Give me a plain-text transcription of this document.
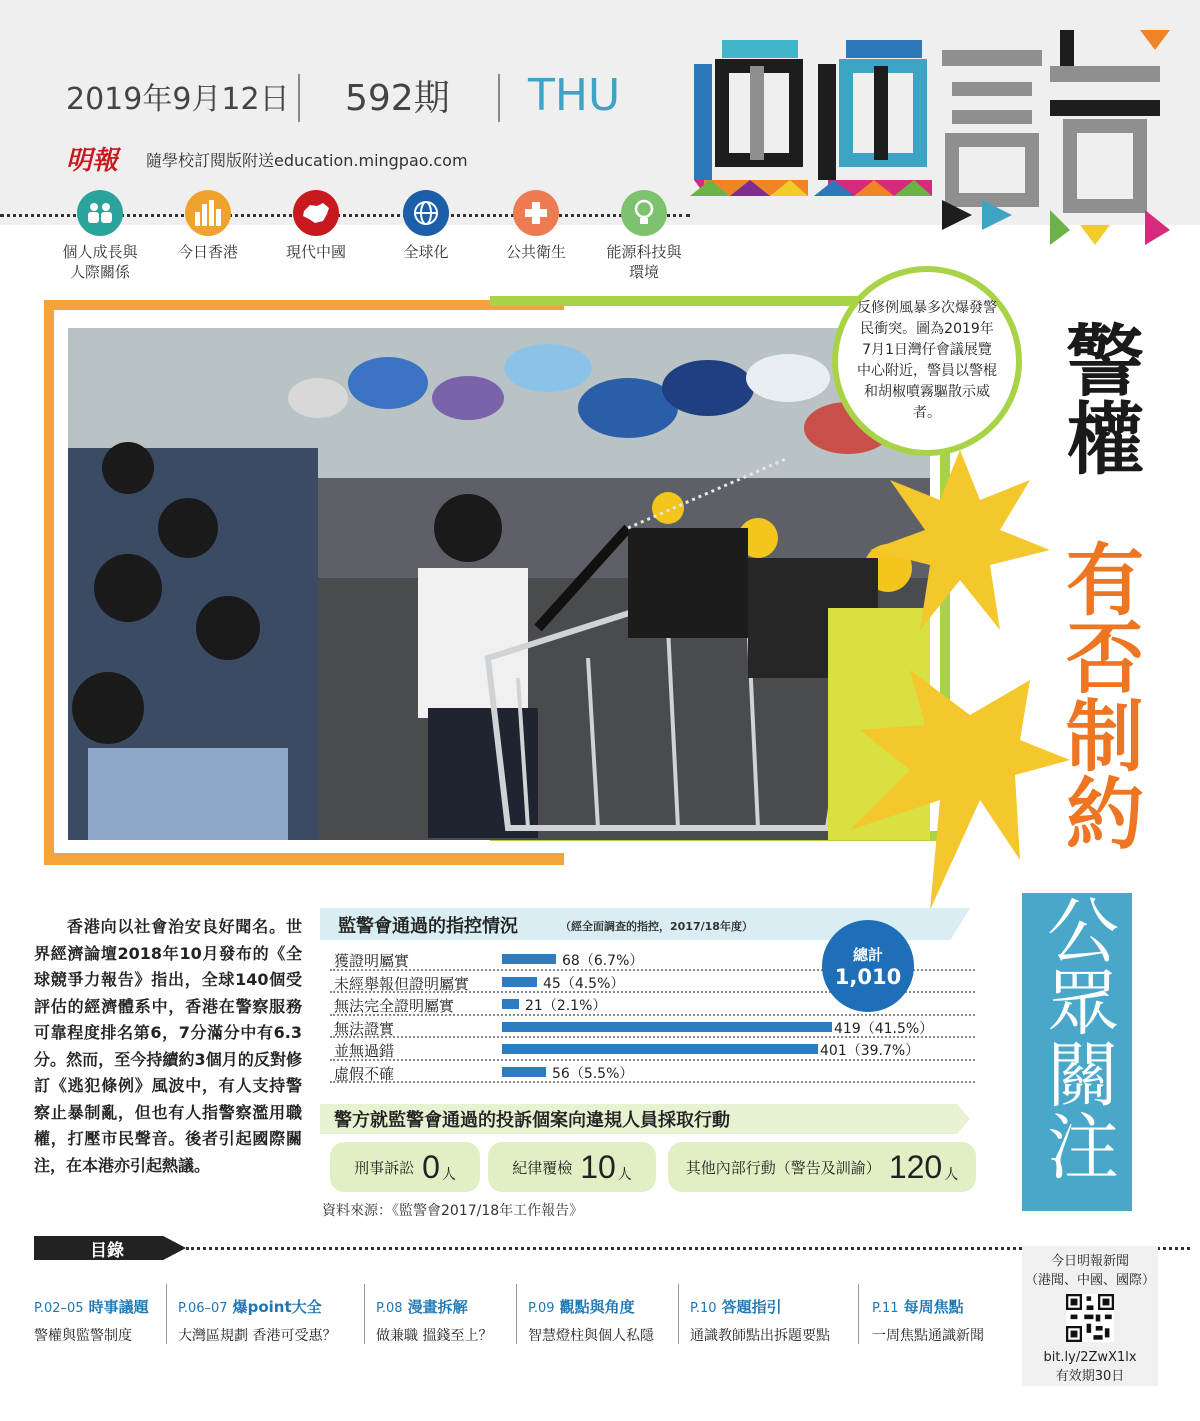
2019年9月12日 592期 THU
明報 隨學校訂閱版附送education.mingpao.com
個人成長與
人際關係
今日香港	現代中國	全球化	公共衛生	能源科技與
環境
反修例風暴多次爆發警民衝突。圖為2019年7月1日灣仔會議展覽中心附近，警員以警棍和胡椒噴霧驅散示威者。	警權
有否制約
公眾關注
香港向以社會治安良好聞名。世界經濟論壇2018年10月發布的《全球競爭力報告》指出，全球140個受評估的經濟體系中，香港在警察服務可靠程度排名第6，7分滿分中有6.3分。然而，至今持續約3個月的反對修訂《逃犯條例》風波中，有人支持警察止暴制亂，但也有人指警察濫用職權，打壓市民聲音。後者引起國際關注，在本港亦引起熱議。
監警會通過的指控情況	（經全面調查的指控，2017/18年度）
獲證明屬實	68（6.7%）
未經舉報但證明屬實	45（4.5%）
無法完全證明屬實	21（2.1%）
無法證實	419（41.5%）
並無過錯	401（39.7%）
虛假不確	56（5.5%）
總計
1,010
警方就監警會通過的投訴個案向違規人員採取行動
刑事訴訟 0 人	紀律覆檢 10 人	其他內部行動（警告及訓諭） 120 人
資料來源：《監警會2017/18年工作報告》
目錄
P.02–05 時事議題
警權與監警制度
P.06–07 爆point大全
大灣區規劃 香港可受惠？
P.08 漫畫拆解
做兼職 搵錢至上？
P.09 觀點與角度
智慧燈柱與個人私隱
P.10 答題指引
通識教師點出拆題要點
P.11 每周焦點
一周焦點通識新聞
今日明報新聞
（港聞、中國、國際）
bit.ly/2ZwX1lx
有效期30日
